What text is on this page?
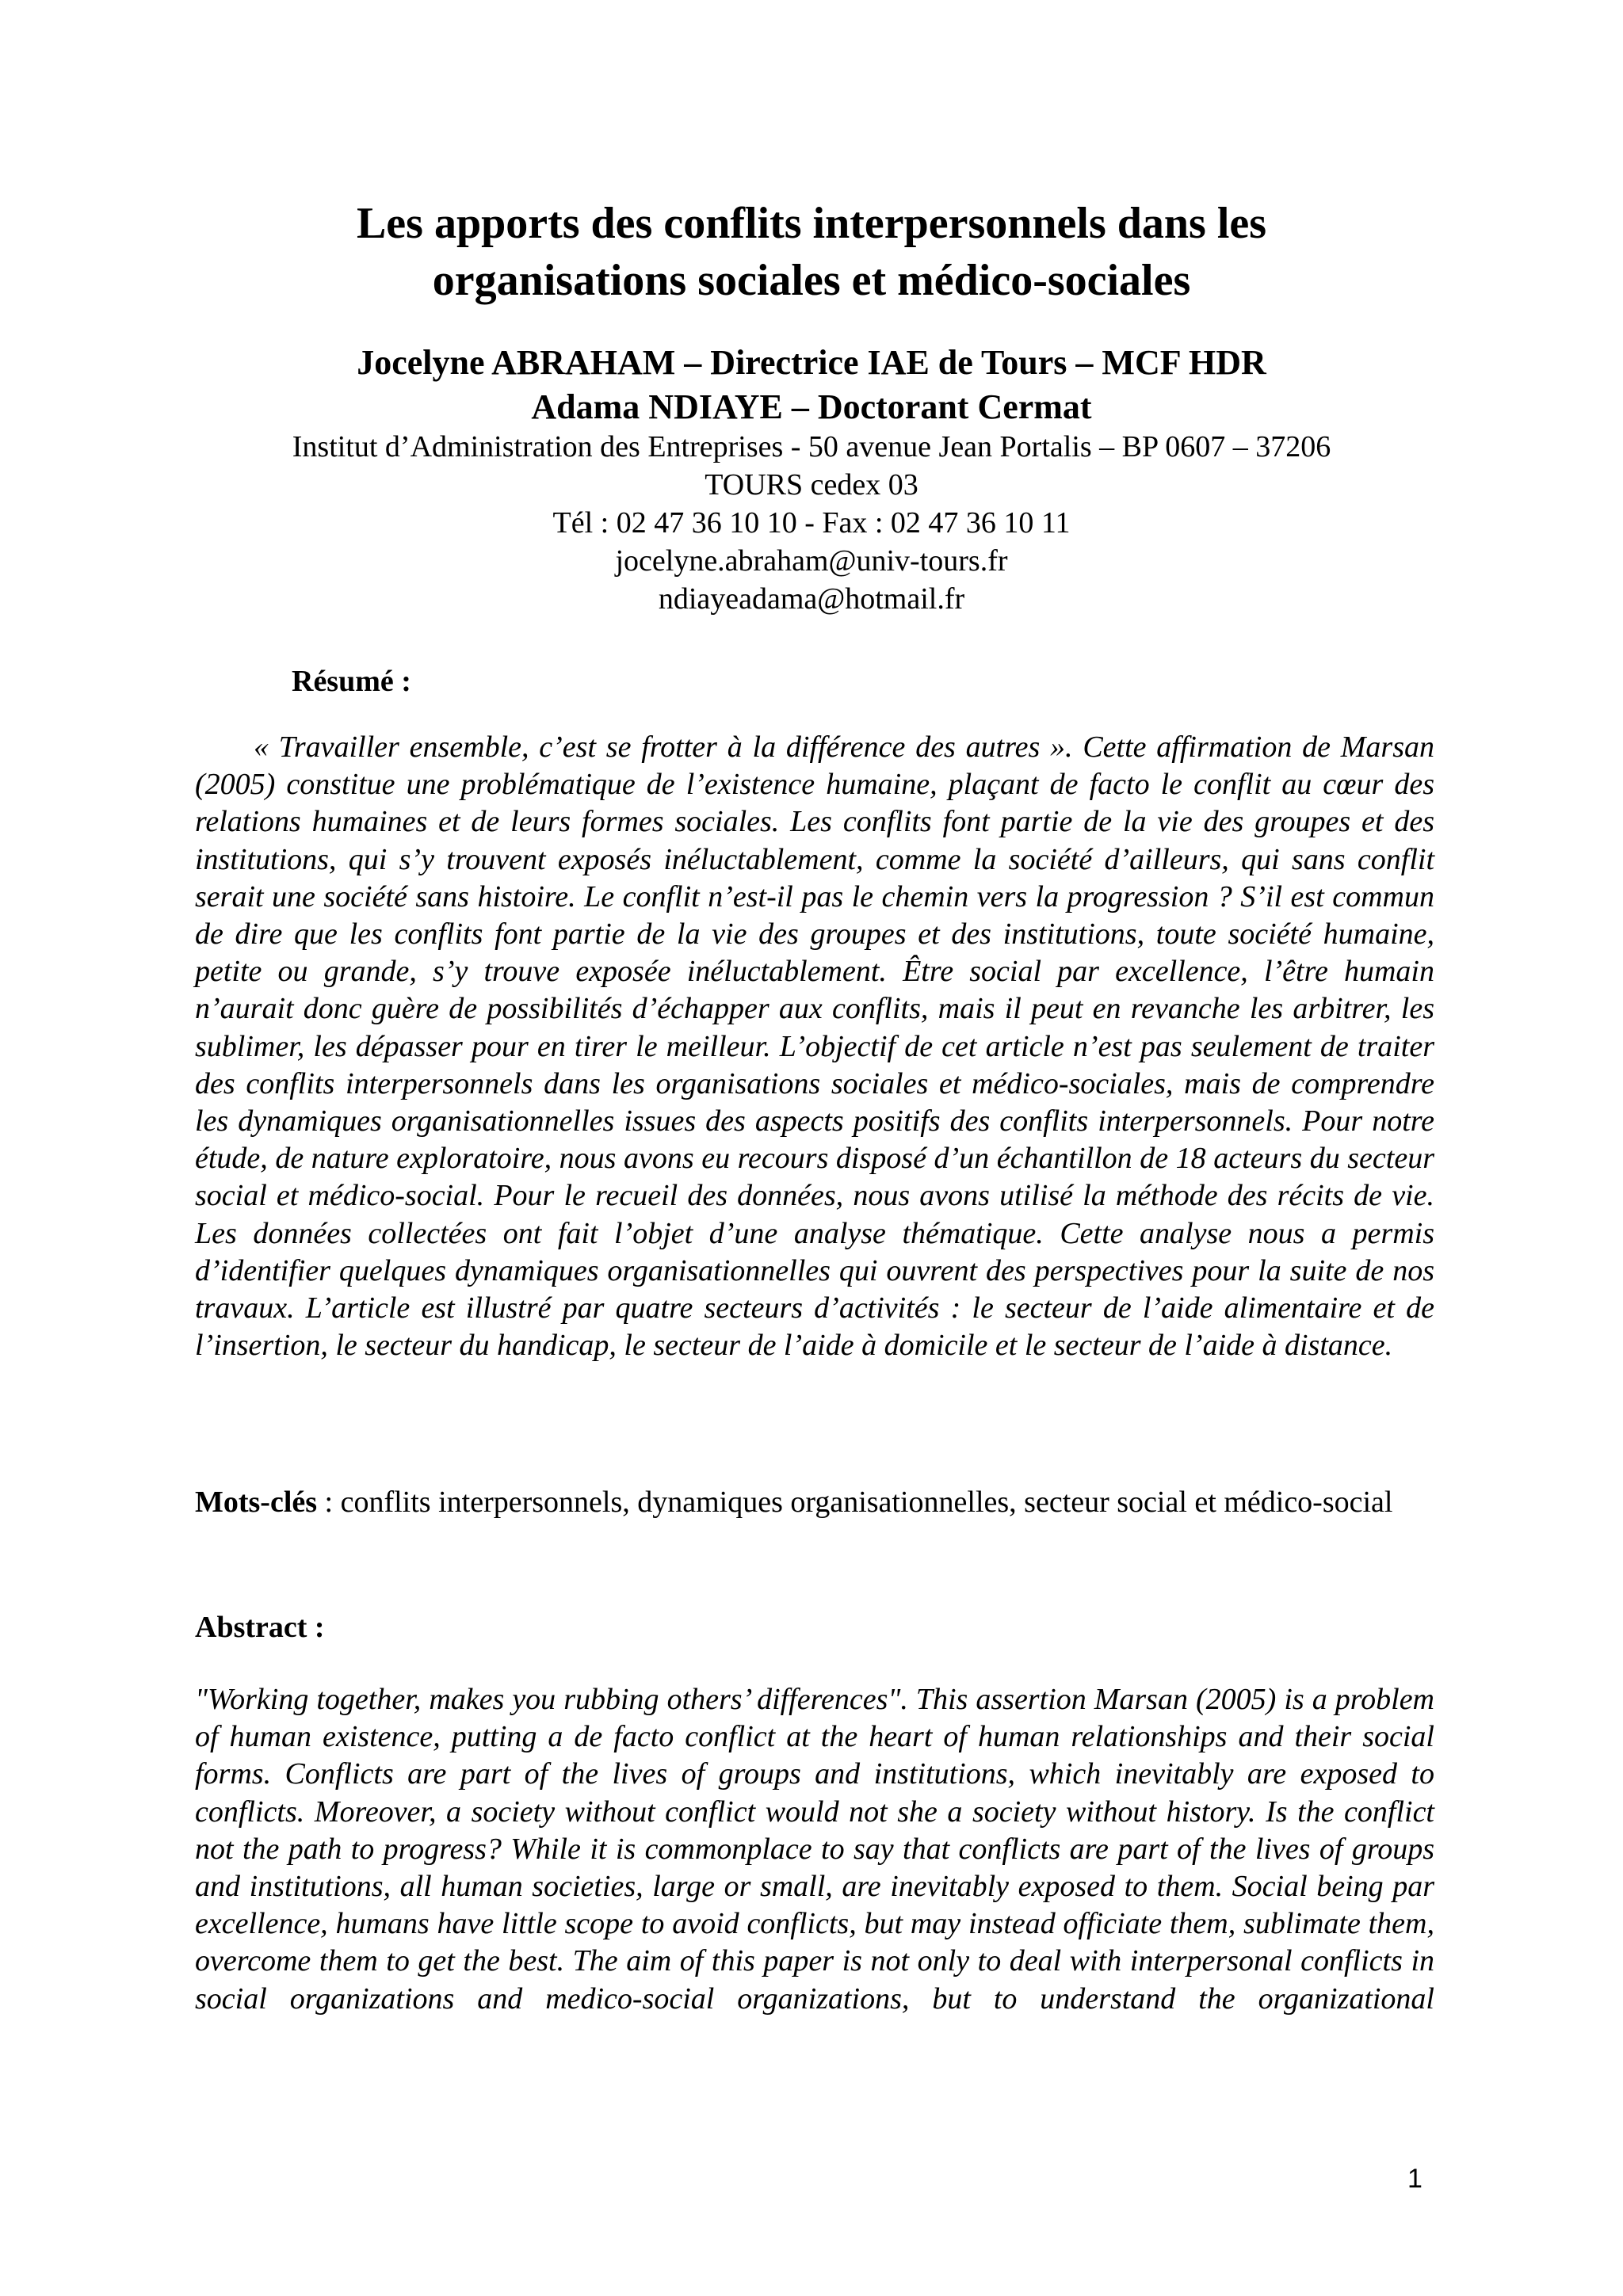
Les apports des conflits interpersonnels dans les
organisations sociales et médico-sociales
Jocelyne ABRAHAM – Directrice IAE de Tours – MCF HDR
Adama NDIAYE – Doctorant Cermat
Institut d’Administration des Entreprises - 50 avenue Jean Portalis – BP 0607 – 37206
TOURS cedex 03
Tél : 02 47 36 10 10 - Fax : 02 47 36 10 11
jocelyne.abraham@univ-tours.fr
ndiayeadama@hotmail.fr
Résumé :

« Travailler ensemble, c’est se frotter à la différence des autres ». Cette affirmation de Marsan (2005) constitue une problématique de l’existence humaine, plaçant de facto le conflit au cœur des relations humaines et de leurs formes sociales. Les conflits font partie de la vie des groupes et des institutions, qui s’y trouvent exposés inéluctablement, comme la société d’ailleurs, qui sans conflit serait une société sans histoire. Le conflit n’est-il pas le chemin vers la progression ? S’il est commun de dire que les conflits font partie de la vie des groupes et des institutions, toute société humaine, petite ou grande, s’y trouve exposée inéluctablement. Être social par excellence, l’être humain n’aurait donc guère de possibilités d’échapper aux conflits, mais il peut en revanche les arbitrer, les sublimer, les dépasser pour en tirer le meilleur. L’objectif de cet article n’est pas seulement de traiter des conflits interpersonnels dans les organisations sociales et médico-sociales, mais de comprendre les dynamiques organisationnelles issues des aspects positifs des conflits interpersonnels. Pour notre étude, de nature exploratoire, nous avons eu recours disposé d’un échantillon de 18 acteurs du secteur social et médico-social. Pour le recueil des données, nous avons utilisé la méthode des récits de vie. Les données collectées ont fait l’objet d’une analyse thématique. Cette analyse nous a permis d’identifier quelques dynamiques organisationnelles qui ouvrent des perspectives pour la suite de nos travaux. L’article est illustré par quatre secteurs d’activités : le secteur de l’aide alimentaire et de l’insertion, le secteur du handicap, le secteur de l’aide à domicile et le secteur de l’aide à distance.

Mots-clés : conflits interpersonnels, dynamiques organisationnelles, secteur social et médico-social
Abstract :

"Working together, makes you rubbing others’ differences". This assertion Marsan (2005) is a problem of human existence, putting a de facto conflict at the heart of human relationships and their social forms. Conflicts are part of the lives of groups and institutions, which inevitably are exposed to conflicts. Moreover, a society without conflict would not she a society without history. Is the conflict not the path to progress? While it is commonplace to say that conflicts are part of the lives of groups and institutions, all human societies, large or small, are inevitably exposed to them. Social being par excellence, humans have little scope to avoid conflicts, but may instead officiate them, sublimate them, overcome them to get the best. The aim of this paper is not only to deal with interpersonal conflicts in social organizations and medico-social organizations, but to understand the organizational

1
